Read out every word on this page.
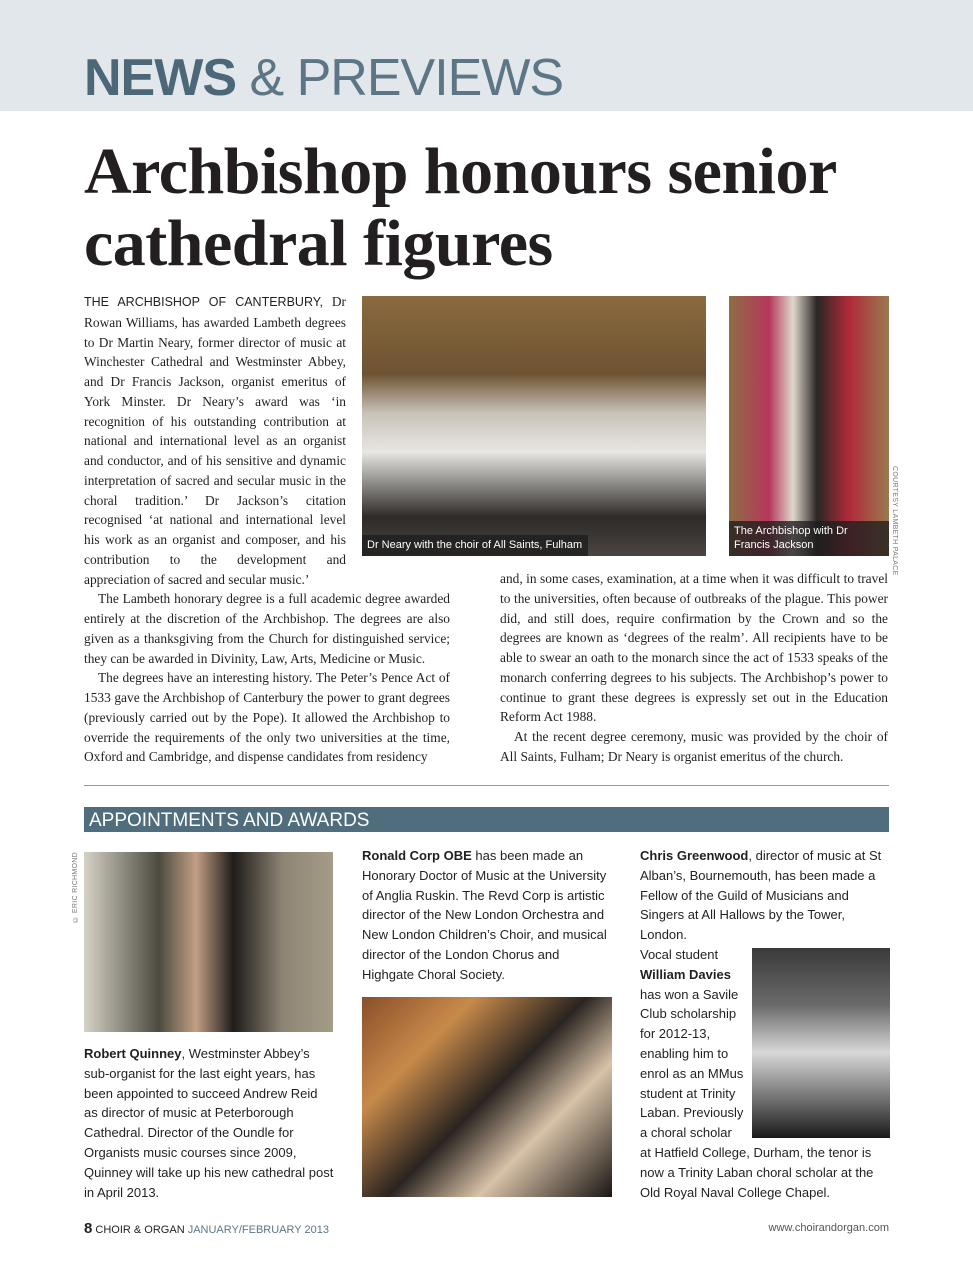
NEWS & PREVIEWS
Archbishop honours senior cathedral figures

THE ARCHBISHOP OF CANTERBURY, Dr Rowan Williams, has awarded Lambeth degrees to Dr Martin Neary, former director of music at Winchester Cathedral and Westminster Abbey, and Dr Francis Jackson, organist emeritus of York Minster. Dr Neary’s award was ‘in recognition of his outstanding contribution at national and international level as an organist and conductor, and of his sensitive and dynamic interpretation of sacred and secular music in the choral tradition.’ Dr Jackson’s citation recognised ‘at national and international level his work as an organist and composer, and his contribution to the development and appreciation of sacred and secular music.’

The Lambeth honorary degree is a full academic degree awarded entirely at the discretion of the Archbishop. The degrees are also given as a thanksgiving from the Church for distinguished service; they can be awarded in Divinity, Law, Arts, Medicine or Music.

The degrees have an interesting history. The Peter’s Pence Act of 1533 gave the Archbishop of Canterbury the power to grant degrees (previously carried out by the Pope). It allowed the Archbishop to override the requirements of the only two universities at the time, Oxford and Cambridge, and dispense candidates from residency

and, in some cases, examination, at a time when it was difficult to travel to the universities, often because of outbreaks of the plague. This power did, and still does, require confirmation by the Crown and so the degrees are known as ‘degrees of the realm’. All recipients have to be able to swear an oath to the monarch since the act of 1533 speaks of the monarch conferring degrees to his subjects. The Archbishop’s power to continue to grant these degrees is expressly set out in the Education Reform Act 1988.

At the recent degree ceremony, music was provided by the choir of All Saints, Fulham; Dr Neary is organist emeritus of the church.

Dr Neary with the choir of All Saints, Fulham
The Archbishop with Dr Francis Jackson	COURTESY LAMBETH PALACE
APPOINTMENTS AND AWARDS
© ERIC RICHMOND
Robert Quinney, Westminster Abbey’s sub-organist for the last eight years, has been appointed to succeed Andrew Reid as director of music at Peterborough Cathedral. Director of the Oundle for Organists music courses since 2009, Quinney will take up his new cathedral post in April 2013.
Ronald Corp OBE has been made an Honorary Doctor of Music at the University of Anglia Ruskin. The Revd Corp is artistic director of the New London Orchestra and New London Children’s Choir, and musical director of the London Chorus and Highgate Choral Society.
Chris Greenwood, director of music at St Alban’s, Bournemouth, has been made a Fellow of the Guild of Musicians and Singers at All Hallows by the Tower, London.
Vocal student William Davies has won a Savile Club scholarship for 2012-13, enabling him to enrol as an MMus student at Trinity Laban. Previously a choral scholar at Hatfield College, Durham, the tenor is now a Trinity Laban choral scholar at the Old Royal Naval College Chapel.
8 CHOIR & ORGAN JANUARY/FEBRUARY 2013	www.choirandorgan.com
